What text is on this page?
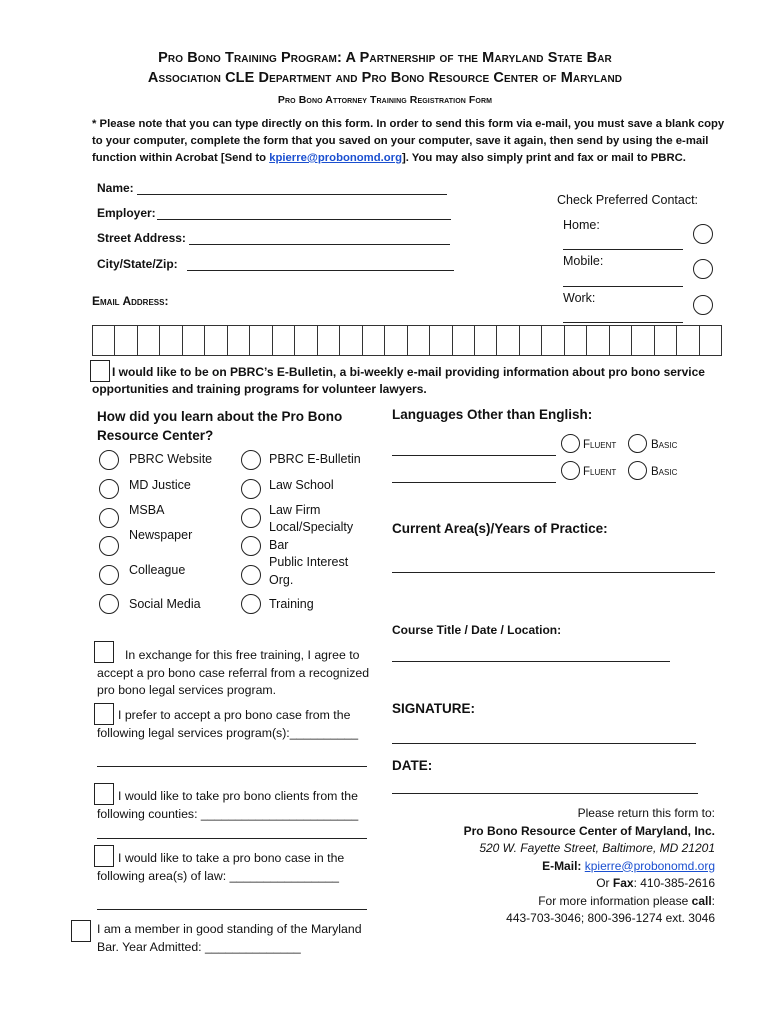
Pro Bono Training Program: A Partnership of the Maryland State Bar
Association CLE Department and Pro Bono Resource Center of Maryland
Pro Bono Attorney Training Registration Form
* Please note that you can type directly on this form. In order to send this form via e-mail, you must save a blank copy to your computer, complete the form that you saved on your computer, save it again, then send by using the e-mail function within Acrobat [Send to kpierre@probonomd.org]. You may also simply print and fax or mail to PBRC.
Name:
Employer:
Street Address:
City/State/Zip:
Email Address:
Check Preferred Contact:
Home:
Mobile:
Work:
I would like to be on PBRC’s E-Bulletin, a bi-weekly e-mail providing information about pro bono service opportunities and training programs for volunteer lawyers.
How did you learn about the Pro Bono
Resource Center?
PBRC Website
MD Justice
MSBA
Newspaper
Colleague
Social Media
PBRC E-Bulletin
Law School
Law Firm
Local/Specialty
Bar
Public Interest
Org.
Training
Languages Other than English:
Fluent	Basic
Fluent	Basic
Current Area(s)/Years of Practice:
Course Title / Date / Location:
SIGNATURE:
DATE:
In exchange for this free training, I agree to
accept a pro bono case referral from a recognized
pro bono legal services program.
I prefer to accept a pro bono case from the
following legal services program(s):__________
I would like to take pro bono clients from the
following counties: _______________________
I would like to take a pro bono case in the
following area(s) of law: ________________
I am a member in good standing of the Maryland
Bar. Year Admitted: ______________
Please return this form to:
Pro Bono Resource Center of Maryland, Inc.
520 W. Fayette Street, Baltimore, MD 21201
E-Mail: kpierre@probonomd.org
Or Fax: 410-385-2616
For more information please call:
443-703-3046; 800-396-1274 ext. 3046
